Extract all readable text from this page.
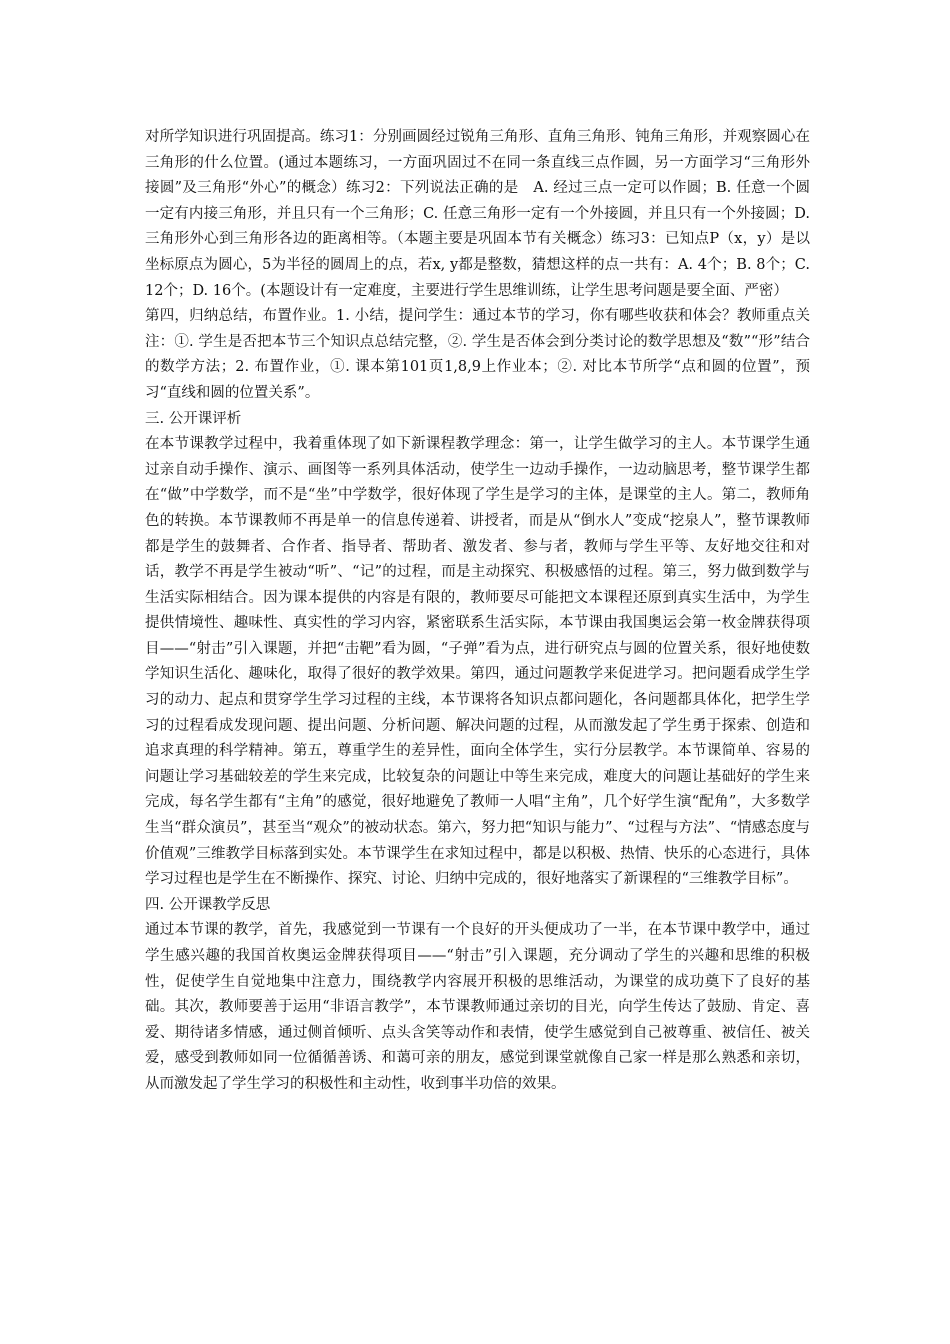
对所学知识进行巩固提高。练习1：分别画圆经过锐角三角形、直角三角形、钝角三角形，并观察圆心在三角形的什么位置。(通过本题练习，一方面巩固过不在同一条直线三点作圆，另一方面学习“三角形外接圆”及三角形“外心”的概念）练习2：下列说法正确的是　A. 经过三点一定可以作圆；B. 任意一个圆一定有内接三角形，并且只有一个三角形；C. 任意三角形一定有一个外接圆，并且只有一个外接圆；D. 三角形外心到三角形各边的距离相等。（本题主要是巩固本节有关概念）练习3：已知点P（x，y）是以坐标原点为圆心，5为半径的圆周上的点，若x, y都是整数，猜想这样的点一共有：A. 4个；B. 8个；C. 12个；D. 16个。(本题设计有一定难度，主要进行学生思维训练，让学生思考问题是要全面、严密）

第四，归纳总结，布置作业。1. 小结，提问学生：通过本节的学习，你有哪些收获和体会？教师重点关注：①. 学生是否把本节三个知识点总结完整，②. 学生是否体会到分类讨论的数学思想及“数”“形”结合的数学方法；2. 布置作业，①. 课本第101页1,8,9上作业本；②. 对比本节所学“点和圆的位置”，预习“直线和圆的位置关系”。

三. 公开课评析

在本节课教学过程中，我着重体现了如下新课程教学理念：第一，让学生做学习的主人。本节课学生通过亲自动手操作、演示、画图等一系列具体活动，使学生一边动手操作，一边动脑思考，整节课学生都在“做”中学数学，而不是“坐”中学数学，很好体现了学生是学习的主体，是课堂的主人。第二，教师角色的转换。本节课教师不再是单一的信息传递着、讲授者，而是从“倒水人”变成“挖泉人”，整节课教师都是学生的鼓舞者、合作者、指导者、帮助者、激发者、参与者，教师与学生平等、友好地交往和对话，教学不再是学生被动“听”、“记”的过程，而是主动探究、积极感悟的过程。第三，努力做到数学与生活实际相结合。因为课本提供的内容是有限的，教师要尽可能把文本课程还原到真实生活中，为学生提供情境性、趣味性、真实性的学习内容，紧密联系生活实际，本节课由我国奥运会第一枚金牌获得项目——“射击”引入课题，并把“击靶”看为圆，“子弹”看为点，进行研究点与圆的位置关系，很好地使数学知识生活化、趣味化，取得了很好的教学效果。第四，通过问题教学来促进学习。把问题看成学生学习的动力、起点和贯穿学生学习过程的主线，本节课将各知识点都问题化，各问题都具体化，把学生学习的过程看成发现问题、提出问题、分析问题、解决问题的过程，从而激发起了学生勇于探索、创造和追求真理的科学精神。第五，尊重学生的差异性，面向全体学生，实行分层教学。本节课简单、容易的问题让学习基础较差的学生来完成，比较复杂的问题让中等生来完成，难度大的问题让基础好的学生来完成，每名学生都有“主角”的感觉，很好地避免了教师一人唱“主角”，几个好学生演“配角”，大多数学生当“群众演员”，甚至当“观众”的被动状态。第六，努力把“知识与能力”、“过程与方法”、“情感态度与价值观”三维教学目标落到实处。本节课学生在求知过程中，都是以积极、热情、快乐的心态进行，具体学习过程也是学生在不断操作、探究、讨论、归纳中完成的，很好地落实了新课程的“三维教学目标”。

四. 公开课教学反思

通过本节课的教学，首先，我感觉到一节课有一个良好的开头便成功了一半，在本节课中教学中，通过学生感兴趣的我国首枚奥运金牌获得项目——“射击”引入课题，充分调动了学生的兴趣和思维的积极性，促使学生自觉地集中注意力，围绕教学内容展开积极的思维活动，为课堂的成功奠下了良好的基础。其次，教师要善于运用“非语言教学”，本节课教师通过亲切的目光，向学生传达了鼓励、肯定、喜爱、期待诸多情感，通过侧首倾听、点头含笑等动作和表情，使学生感觉到自己被尊重、被信任、被关爱，感受到教师如同一位循循善诱、和蔼可亲的朋友，感觉到课堂就像自己家一样是那么熟悉和亲切，从而激发起了学生学习的积极性和主动性，收到事半功倍的效果。
